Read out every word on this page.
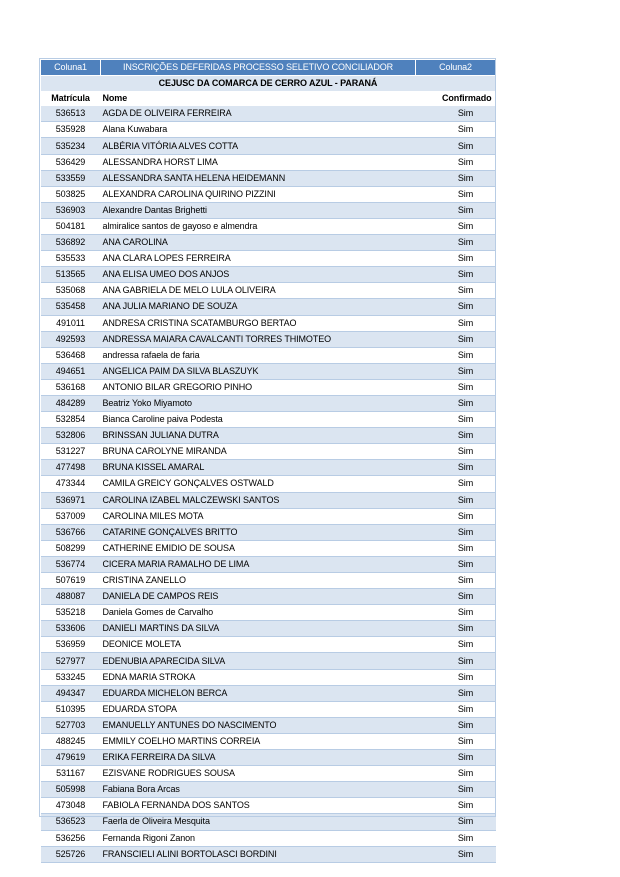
Coluna1	INSCRIÇÕES DEFERIDAS PROCESSO SELETIVO CONCILIADOR	Coluna2
CEJUSC DA COMARCA DE CERRO AZUL - PARANÁ		
Matrícula	Nome	Confirmado
536513	AGDA DE OLIVEIRA FERREIRA	Sim
535928	Alana Kuwabara	Sim
535234	ALBÉRIA VITÓRIA ALVES COTTA	Sim
536429	ALESSANDRA HORST LIMA	Sim
533559	ALESSANDRA SANTA HELENA HEIDEMANN	Sim
503825	ALEXANDRA CAROLINA QUIRINO PIZZINI	Sim
536903	Alexandre Dantas Brighetti	Sim
504181	almiralice santos de gayoso e almendra	Sim
536892	ANA CAROLINA	Sim
535533	ANA CLARA LOPES FERREIRA	Sim
513565	ANA ELISA UMEO DOS ANJOS	Sim
535068	ANA GABRIELA DE MELO LULA OLIVEIRA	Sim
535458	ANA JULIA MARIANO DE SOUZA	Sim
491011	ANDRESA CRISTINA SCATAMBURGO BERTAO	Sim
492593	ANDRESSA MAIARA CAVALCANTI TORRES THIMOTEO	Sim
536468	andressa rafaela de faria	Sim
494651	ANGELICA PAIM DA SILVA BLASZUYK	Sim
536168	ANTONIO BILAR GREGORIO PINHO	Sim
484289	Beatriz Yoko Miyamoto	Sim
532854	Bianca Caroline paiva Podesta	Sim
532806	BRINSSAN JULIANA DUTRA	Sim
531227	BRUNA CAROLYNE MIRANDA	Sim
477498	BRUNA KISSEL AMARAL	Sim
473344	CAMILA GREICY GONÇALVES OSTWALD	Sim
536971	CAROLINA IZABEL MALCZEWSKI SANTOS	Sim
537009	CAROLINA MILES MOTA	Sim
536766	CATARINE GONÇALVES BRITTO	Sim
508299	CATHERINE EMIDIO DE SOUSA	Sim
536774	CICERA MARIA RAMALHO DE LIMA	Sim
507619	CRISTINA ZANELLO	Sim
488087	DANIELA DE CAMPOS REIS	Sim
535218	Daniela Gomes de Carvalho	Sim
533606	DANIELI MARTINS DA SILVA	Sim
536959	DEONICE MOLETA	Sim
527977	EDENUBIA APARECIDA SILVA	Sim
533245	EDNA MARIA STROKA	Sim
494347	EDUARDA MICHELON BERCA	Sim
510395	EDUARDA STOPA	Sim
527703	EMANUELLY ANTUNES DO NASCIMENTO	Sim
488245	EMMILY COELHO MARTINS CORREIA	Sim
479619	ERIKA FERREIRA DA SILVA	Sim
531167	EZISVANE RODRIGUES SOUSA	Sim
505998	Fabiana Bora Arcas	Sim
473048	FABIOLA FERNANDA DOS SANTOS	Sim
536523	Faerla de Oliveira Mesquita	Sim
536256	Fernanda Rigoni Zanon	Sim
525726	FRANSCIELI ALINI BORTOLASCI BORDINI	Sim
